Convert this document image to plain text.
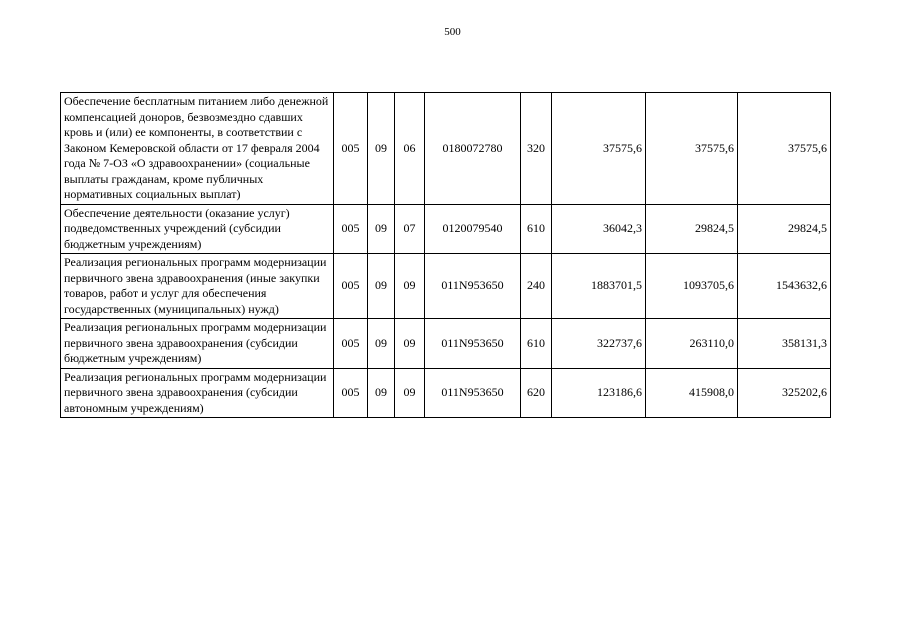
500
Обеспечение бесплатным питанием либо денежной компенсацией доноров, безвозмездно сдавших кровь и (или) ее компоненты, в соответствии с Законом Кемеровской области от 17 февраля 2004 года № 7-ОЗ «О здравоохранении» (социальные выплаты гражданам, кроме публичных нормативных социальных выплат)	005	09	06	0180072780	320	37575,6	37575,6	37575,6
Обеспечение деятельности (оказание услуг) подведомственных учреждений (субсидии бюджетным учреждениям)	005	09	07	0120079540	610	36042,3	29824,5	29824,5
Реализация региональных программ модернизации первичного звена здравоохранения (иные закупки товаров, работ и услуг для обеспечения государственных (муниципальных) нужд)	005	09	09	011N953650	240	1883701,5	1093705,6	1543632,6
Реализация региональных программ модернизации первичного звена здравоохранения (субсидии бюджетным учреждениям)	005	09	09	011N953650	610	322737,6	263110,0	358131,3
Реализация региональных программ модернизации первичного звена здравоохранения (субсидии автономным учреждениям)	005	09	09	011N953650	620	123186,6	415908,0	325202,6
